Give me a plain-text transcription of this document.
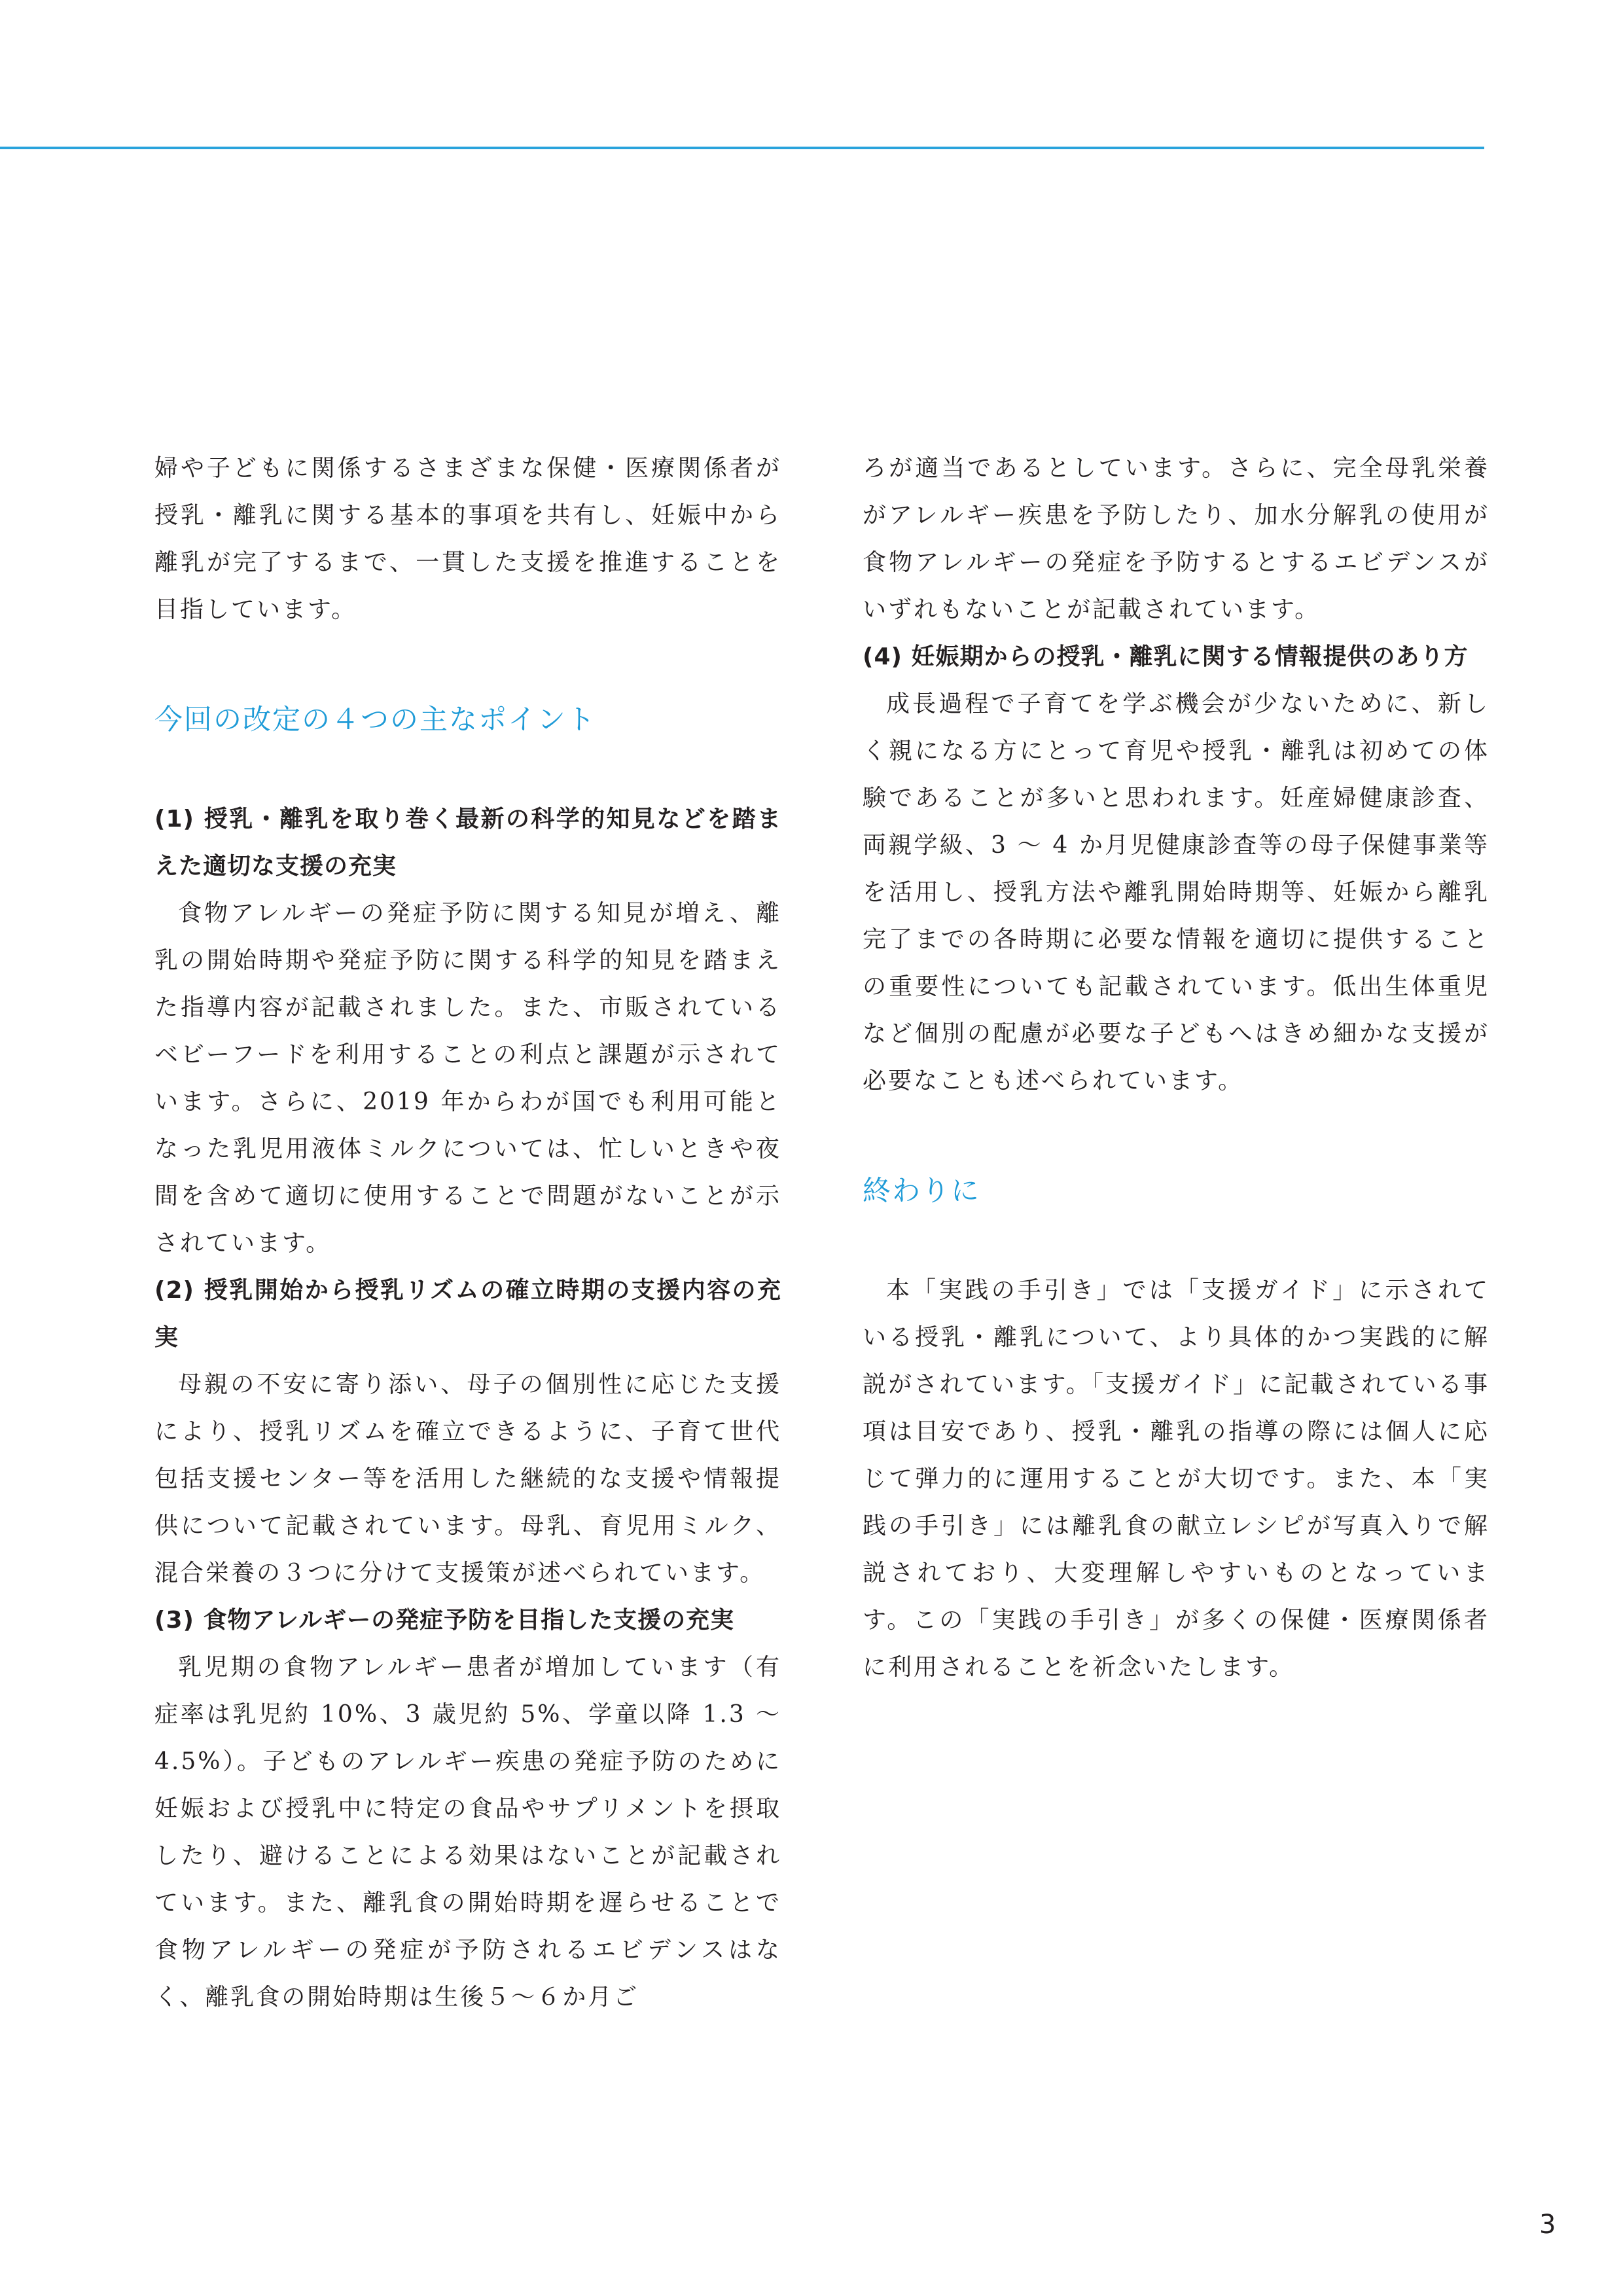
婦や子どもに関係するさまざまな保健・医療関係者が授乳・離乳に関する基本的事項を共有し、妊娠中から離乳が完了するまで、一貫した支援を推進することを目指しています。

今回の改定の４つの主なポイント
(1) 授乳・離乳を取り巻く最新の科学的知見などを踏まえた適切な支援の充実

食物アレルギーの発症予防に関する知見が増え、離乳の開始時期や発症予防に関する科学的知見を踏まえた指導内容が記載されました。また、市販されているベビーフードを利用することの利点と課題が示されています。さらに、2019 年からわが国でも利用可能となった乳児用液体ミルクについては、忙しいときや夜間を含めて適切に使用することで問題がないことが示されています。

(2) 授乳開始から授乳リズムの確立時期の支援内容の充実

母親の不安に寄り添い、母子の個別性に応じた支援により、授乳リズムを確立できるように、子育て世代包括支援センター等を活用した継続的な支援や情報提供について記載されています。母乳、育児用ミルク、混合栄養の３つに分けて支援策が述べられています。

(3) 食物アレルギーの発症予防を目指した支援の充実

乳児期の食物アレルギー患者が増加しています（有症率は乳児約 10%、3 歳児約 5%、学童以降 1.3 ～ 4.5%）。子どものアレルギー疾患の発症予防のために妊娠および授乳中に特定の食品やサプリメントを摂取したり、避けることによる効果はないことが記載されています。また、離乳食の開始時期を遅らせることで食物アレルギーの発症が予防されるエビデンスはなく、離乳食の開始時期は生後５～６か月ご

ろが適当であるとしています。さらに、完全母乳栄養がアレルギー疾患を予防したり、加水分解乳の使用が食物アレルギーの発症を予防するとするエビデンスがいずれもないことが記載されています。

(4) 妊娠期からの授乳・離乳に関する情報提供のあり方

成長過程で子育てを学ぶ機会が少ないために、新しく親になる方にとって育児や授乳・離乳は初めての体験であることが多いと思われます。妊産婦健康診査、両親学級、3 ～ 4 か月児健康診査等の母子保健事業等を活用し、授乳方法や離乳開始時期等、妊娠から離乳完了までの各時期に必要な情報を適切に提供することの重要性についても記載されています。低出生体重児など個別の配慮が必要な子どもへはきめ細かな支援が必要なことも述べられています。

終わりに

本「実践の手引き」では「支援ガイド」に示されている授乳・離乳について、より具体的かつ実践的に解説がされています。「支援ガイド」に記載されている事項は目安であり、授乳・離乳の指導の際には個人に応じて弾力的に運用することが大切です。また、本「実践の手引き」には離乳食の献立レシピが写真入りで解説されており、大変理解しやすいものとなっています。この「実践の手引き」が多くの保健・医療関係者に利用されることを祈念いたします。

3
